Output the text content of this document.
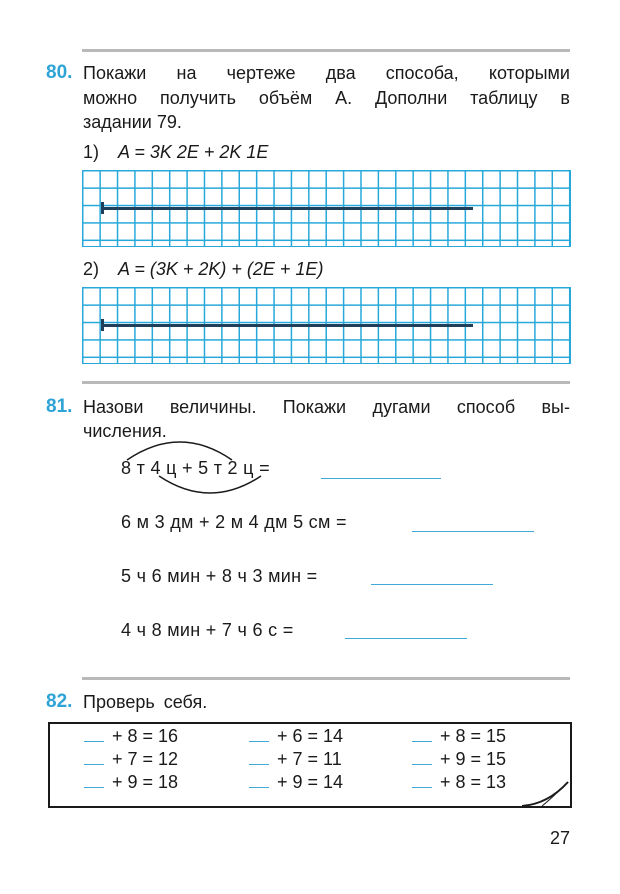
80. Покажи на чертеже два способа, которыми
можно получить объём A. Дополни таблицу в
задании 79.
1) A = 3K 2E + 2K 1E
2) A = (3K + 2K) + (2E + 1E)
81. Назови величины. Покажи дугами способ вы-
числения.
8 т 4 ц + 5 т 2 ц =
6 м 3 дм + 2 м 4 дм 5 см =
5 ч 6 мин + 8 ч 3 мин =
4 ч 8 мин + 7 ч 6 с =
82. Проверь себя.
+ 8 = 16
+ 7 = 12
+ 9 = 18
+ 6 = 14
+ 7 = 11
+ 9 = 14
+ 8 = 15
+ 9 = 15
+ 8 = 13
27
